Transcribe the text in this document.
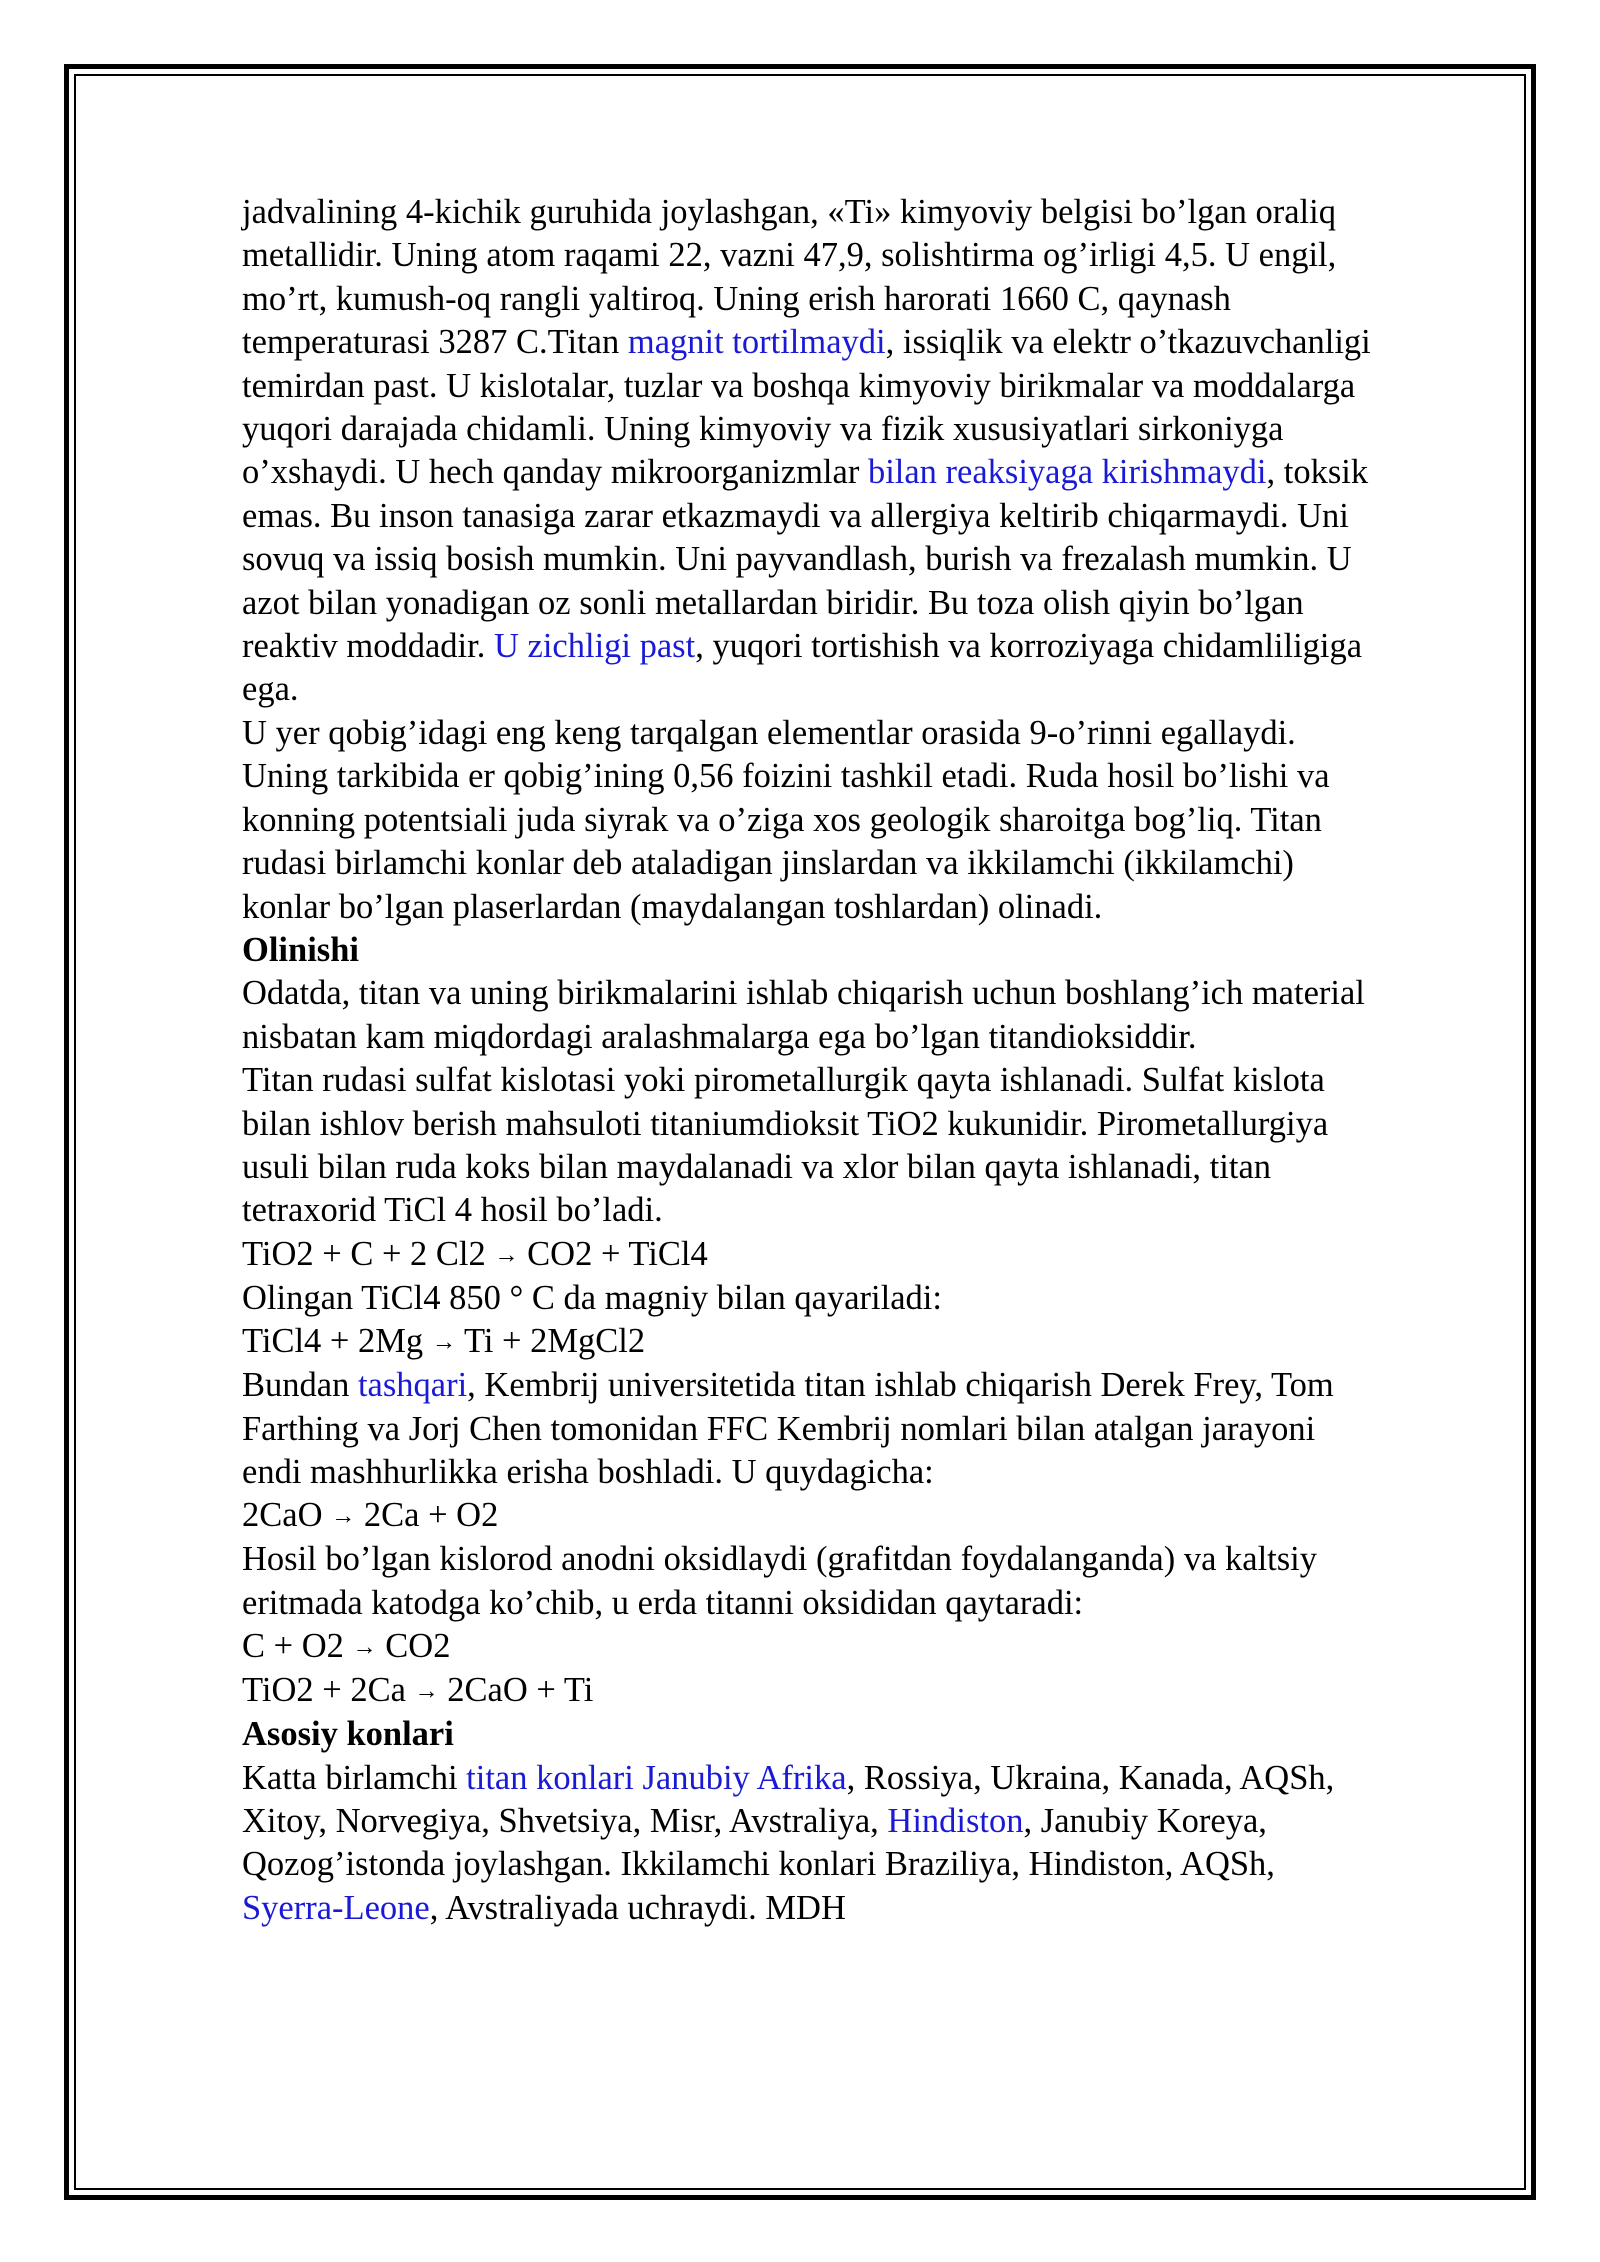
jadvalining 4-kichik guruhida joylashgan, «Ti» kimyoviy belgisi bo’lgan oraliq metallidir. Uning atom raqami 22, vazni 47,9, solishtirma og’irligi 4,5. U engil, mo’rt, kumush-oq rangli yaltiroq. Uning erish harorati 1660 C, qaynash temperaturasi 3287 C.Titan magnit tortilmaydi, issiqlik va elektr o’tkazuvchanligi temirdan past. U kislotalar, tuzlar va boshqa kimyoviy birikmalar va moddalarga yuqori darajada chidamli. Uning kimyoviy va fizik xususiyatlari sirkoniyga o’xshaydi. U hech qanday mikroorganizmlar bilan reaksiyaga kirishmaydi, toksik emas. Bu inson tanasiga zarar etkazmaydi va allergiya keltirib chiqarmaydi. Uni sovuq va issiq bosish mumkin. Uni payvandlash, burish va frezalash mumkin. U azot bilan yonadigan oz sonli metallardan biridir. Bu toza olish qiyin bo’lgan reaktiv moddadir. U zichligi past, yuqori tortishish va korroziyaga chidamliligiga ega.

U yer qobig’idagi eng keng tarqalgan elementlar orasida 9-o’rinni egallaydi. Uning tarkibida er qobig’ining 0,56 foizini tashkil etadi. Ruda hosil bo’lishi va konning potentsiali juda siyrak va o’ziga xos geologik sharoitga bog’liq. Titan rudasi birlamchi konlar deb ataladigan jinslardan va ikkilamchi (ikkilamchi) konlar bo’lgan plaserlardan (maydalangan toshlardan) olinadi.

Olinishi

Odatda, titan va uning birikmalarini ishlab chiqarish uchun boshlang’ich material nisbatan kam miqdordagi aralashmalarga ega bo’lgan titandioksiddir.

Titan rudasi sulfat kislotasi yoki pirometallurgik qayta ishlanadi. Sulfat kislota bilan ishlov berish mahsuloti titaniumdioksit TiO2 kukunidir. Pirometallurgiya usuli bilan ruda koks bilan maydalanadi va xlor bilan qayta ishlanadi, titan tetraxorid TiCl 4 hosil bo’ladi.

TiO2 + C + 2 Cl2 → CO2 + TiCl4

Olingan TiCl4 850 ° C da magniy bilan qayariladi:

TiCl4 + 2Mg → Ti + 2MgCl2

Bundan tashqari, Kembrij universitetida titan ishlab chiqarish Derek Frey, Tom Farthing va Jorj Chen tomonidan FFC Kembrij nomlari bilan atalgan jarayoni endi mashhurlikka erisha boshladi. U quydagicha:

2CaO → 2Ca + O2

Hosil bo’lgan kislorod anodni oksidlaydi (grafitdan foydalanganda) va kaltsiy eritmada katodga ko’chib, u erda titanni oksididan qaytaradi:

C + O2 → CO2

TiO2 + 2Ca → 2CaO + Ti

Asosiy konlari

Katta birlamchi titan konlari Janubiy Afrika, Rossiya, Ukraina, Kanada, AQSh, Xitoy, Norvegiya, Shvetsiya, Misr, Avstraliya, Hindiston, Janubiy Koreya, Qozog’istonda joylashgan. Ikkilamchi konlari Braziliya, Hindiston, AQSh, Syerra-Leone, Avstraliyada uchraydi. MDH
